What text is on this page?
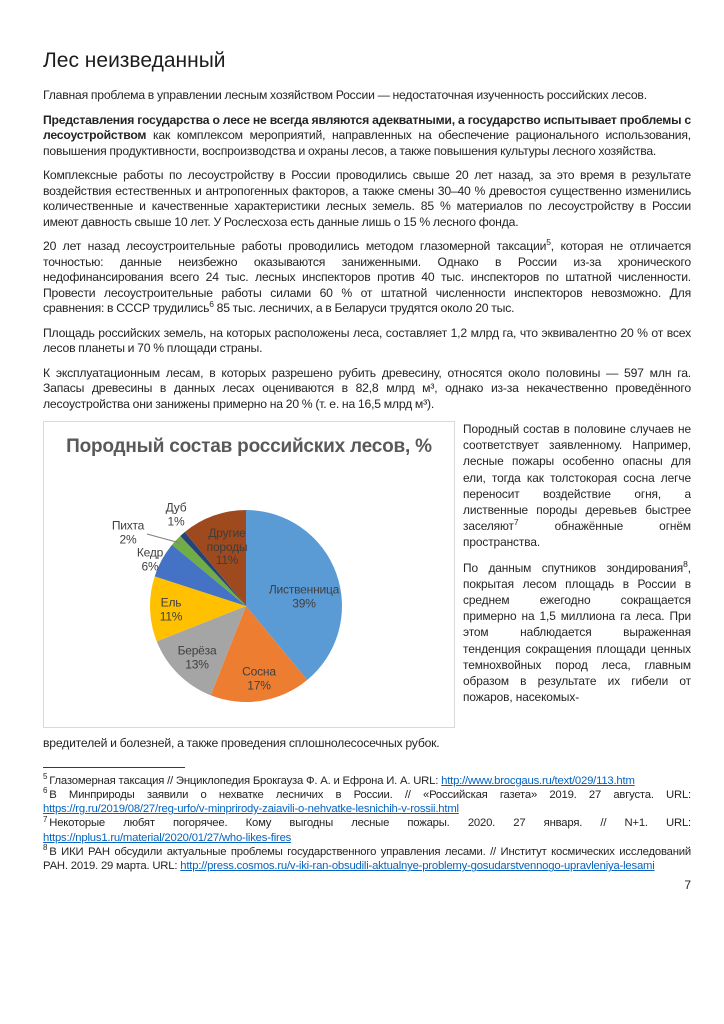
Лес неизведанный

Главная проблема в управлении лесным хозяйством России — недостаточная изученность российских лесов.

Представления государства о лесе не всегда являются адекватными, а государство испытывает проблемы с лесоустройством как комплексом мероприятий, направленных на обеспечение рационального использования, повышения продуктивности, воспроизводства и охраны лесов, а также повышения культуры лесного хозяйства.

Комплексные работы по лесоустройству в России проводились свыше 20 лет назад, за это время в результате воздействия естественных и антропогенных факторов, а также смены 30–40 % древостоя существенно изменились количественные и качественные характеристики лесных земель. 85 % материалов по лесоустройству в России имеют давность свыше 10 лет. У Рослесхоза есть данные лишь о 15 % лесного фонда.

20 лет назад лесоустроительные работы проводились методом глазомерной таксации$^5$, которая не отличается точностью: данные неизбежно оказываются заниженными. Однако в России из-за хронического недофинансирования всего 24 тыс. лесных инспекторов против 40 тыс. инспекторов по штатной численности. Провести лесоустроительные работы силами 60 % от штатной численности инспекторов невозможно. Для сравнения: в СССР трудились$^6$ 85 тыс. лесничих, а в Беларуси трудятся около 20 тыс.

Площадь российских земель, на которых расположены леса, составляет 1,2 млрд га, что эквивалентно 20 % от всех лесов планеты и 70 % площади страны.

К эксплуатационным лесам, в которых разрешено рубить древесину, относятся около половины — 597 млн га. Запасы древесины в данных лесах оцениваются в 82,8 млрд м³, однако из-за некачественно проведённого лесоустройства они занижены примерно на 20 % (т. е. на 16,5 млрд м³).

Породный состав российских лесов, %
Лиственница
39%
Сосна
17%
Берёза
13%
Ель
11%
Кедр
6%
Пихта
2%
Дуб
1%
Другие
породы
11%

Породный состав в половине случаев не соответствует заявленному. Например, лесные пожары особенно опасны для ели, тогда как толстокорая сосна легче переносит воздействие огня, а лиственные породы деревьев быстрее заселяют$^7$ обнажённые огнём пространства.

По данным спутников зондирования$^8$, покрытая лесом площадь в России в среднем ежегодно сокращается примерно на 1,5 миллиона га леса. При этом наблюдается выраженная тенденция сокращения площади ценных темнохвойных пород леса, главным образом в результате их гибели от пожаров, насекомых-

вредителей и болезней, а также проведения сплошнолесосечных рубок.

$^5$ Глазомерная таксация // Энциклопедия Брокгауза Ф. А. и Ефрона И. А. URL: http://www.brocgaus.ru/text/029/113.htm

$^6$ В Минприроды заявили о нехватке лесничих в России. // «Российская газета» 2019. 27 августа. URL: https://rg.ru/2019/08/27/reg-urfo/v-minprirody-zaiavili-o-nehvatke-lesnichih-v-rossii.html

$^7$ Некоторые любят погорячее. Кому выгодны лесные пожары. 2020. 27 января. // N+1. URL: https://nplus1.ru/material/2020/01/27/who-likes-fires

$^8$ В ИКИ РАН обсудили актуальные проблемы государственного управления лесами. // Институт космических исследований РАН. 2019. 29 марта. URL: http://press.cosmos.ru/v-iki-ran-obsudili-aktualnye-problemy-gosudarstvennogo-upravleniya-lesami

7
